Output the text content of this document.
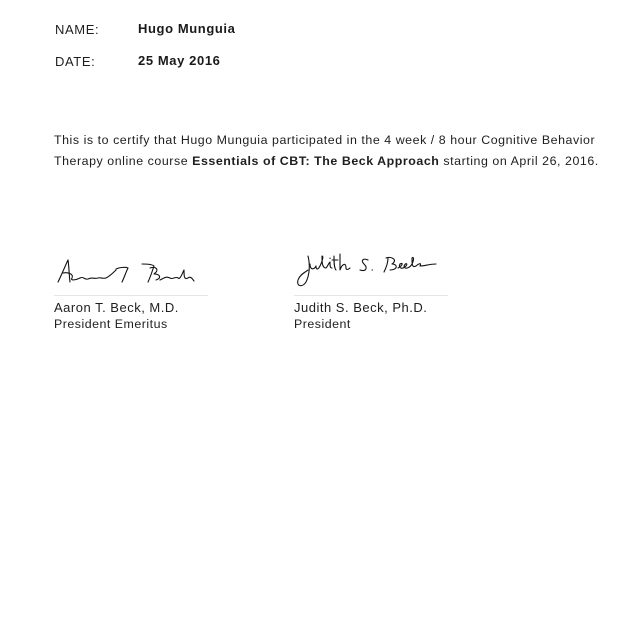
NAME:	Hugo Munguia
DATE:	25 May 2016

This is to certify that Hugo Munguia participated in the 4 week / 8 hour Cognitive Behavior Therapy online course Essentials of CBT: The Beck Approach starting on April 26, 2016.

Aaron T. Beck, M.D.
President Emeritus
Judith S. Beck, Ph.D.
President
